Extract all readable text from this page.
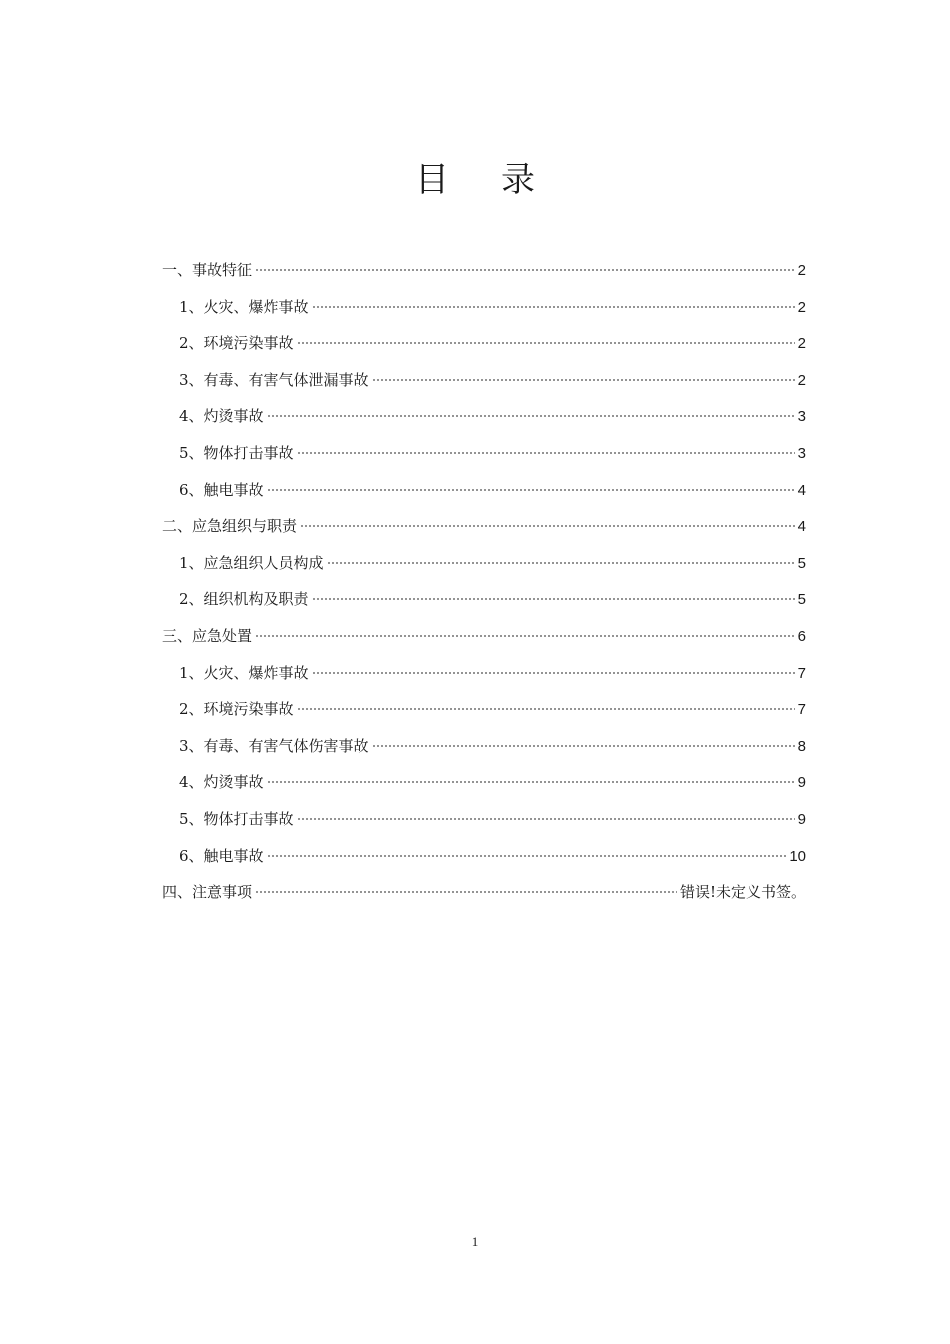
目 录
一、事故特征	2
1、火灾、爆炸事故	2
2、环境污染事故	2
3、有毒、有害气体泄漏事故	2
4、灼烫事故	3
5、物体打击事故	3
6、触电事故	4
二、应急组织与职责	4
1、应急组织人员构成	5
2、组织机构及职责	5
三、应急处置	6
1、火灾、爆炸事故	7
2、环境污染事故	7
3、有毒、有害气体伤害事故	8
4、灼烫事故	9
5、物体打击事故	9
6、触电事故	10
四、注意事项	错误!未定义书签。
1
